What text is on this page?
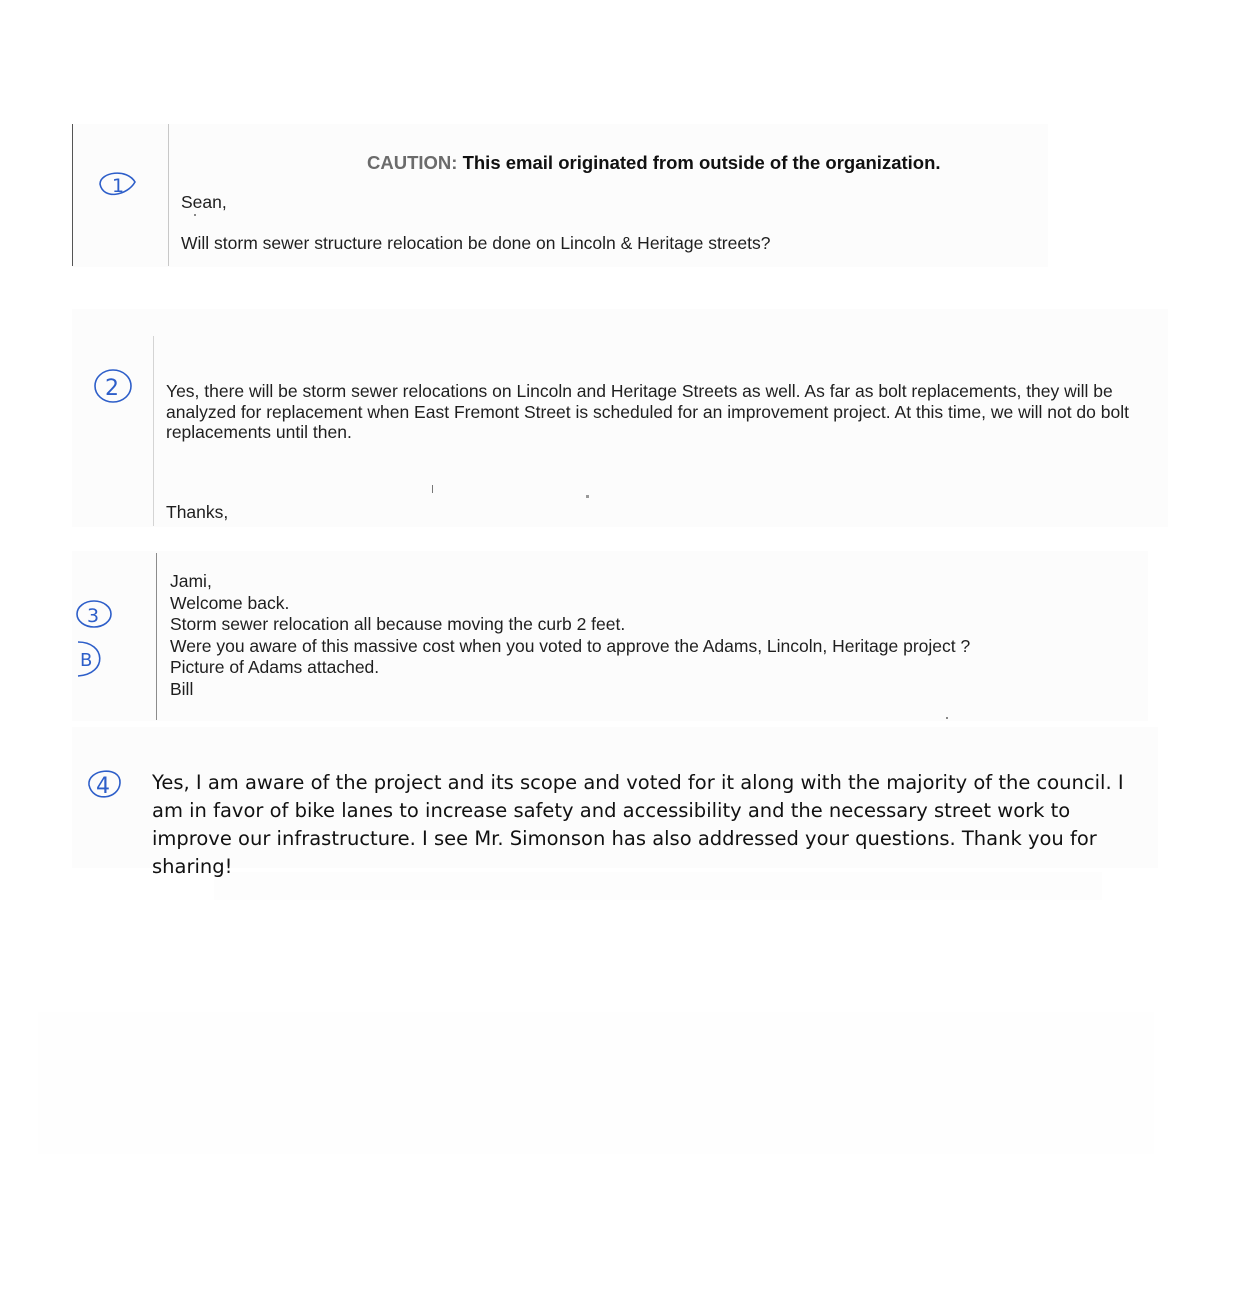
1
2
3
B
4
CAUTION: This email originated from outside of the organization.
Sean,
Will storm sewer structure relocation be done on Lincoln & Heritage streets?
Yes, there will be storm sewer relocations on Lincoln and Heritage Streets as well. As far as bolt replacements, they will be analyzed for replacement when East Fremont Street is scheduled for an improvement project. At this time, we will not do bolt replacements until then.
Thanks,
Jami,
Welcome back.
Storm sewer relocation all because moving the curb 2 feet.
Were you aware of this massive cost when you voted to approve the Adams, Lincoln, Heritage project ?
Picture of Adams attached.
Bill
Yes, I am aware of the project and its scope and voted for it along with the majority of the council. I am in favor of bike lanes to increase safety and accessibility and the necessary street work to improve our infrastructure. I see Mr. Simonson has also addressed your questions. Thank you for sharing!
